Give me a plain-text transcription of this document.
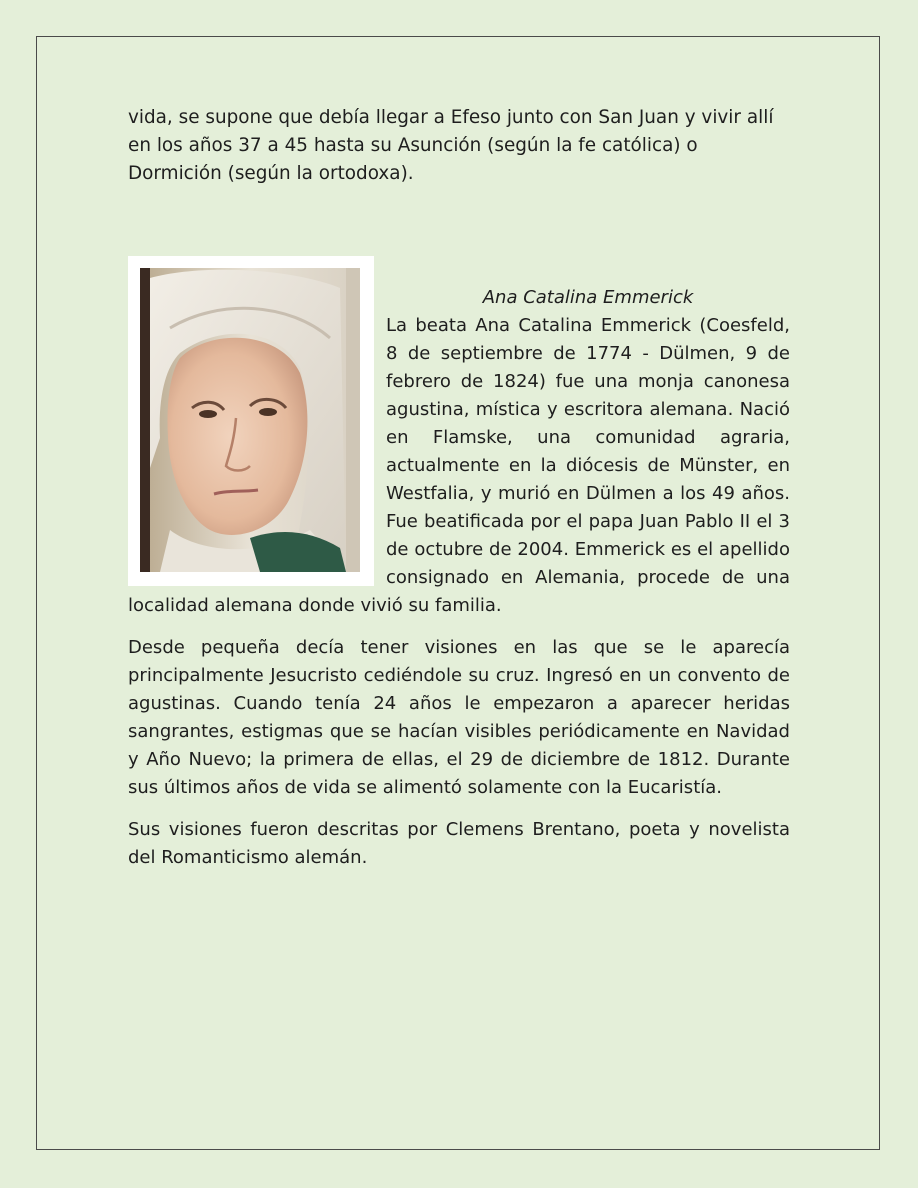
vida, se supone que debía llegar a Efeso junto con San Juan y vivir allí en los años 37 a 45 hasta su Asunción (según la fe católica) o Dormición (según la ortodoxa).

Ana Catalina Emmerick

La beata Ana Catalina Emmerick (Coesfeld, 8 de septiembre de 1774 - Dülmen, 9 de febrero de 1824) fue una monja canonesa agustina, mística y escritora alemana. Nació en Flamske, una comunidad agraria, actualmente en la diócesis de Münster, en Westfalia, y murió en Dülmen a los 49 años. Fue beatificada por el papa Juan Pablo II el 3 de octubre de 2004. Emmerick es el apellido consignado en Alemania, procede de una localidad alemana donde vivió su familia.

Desde pequeña decía tener visiones en las que se le aparecía principalmente Jesucristo cediéndole su cruz. Ingresó en un convento de agustinas. Cuando tenía 24 años le empezaron a aparecer heridas sangrantes, estigmas que se hacían visibles periódicamente en Navidad y Año Nuevo; la primera de ellas, el 29 de diciembre de 1812. Durante sus últimos años de vida se alimentó solamente con la Eucaristía.

Sus visiones fueron descritas por Clemens Brentano, poeta y novelista del Romanticismo alemán.
